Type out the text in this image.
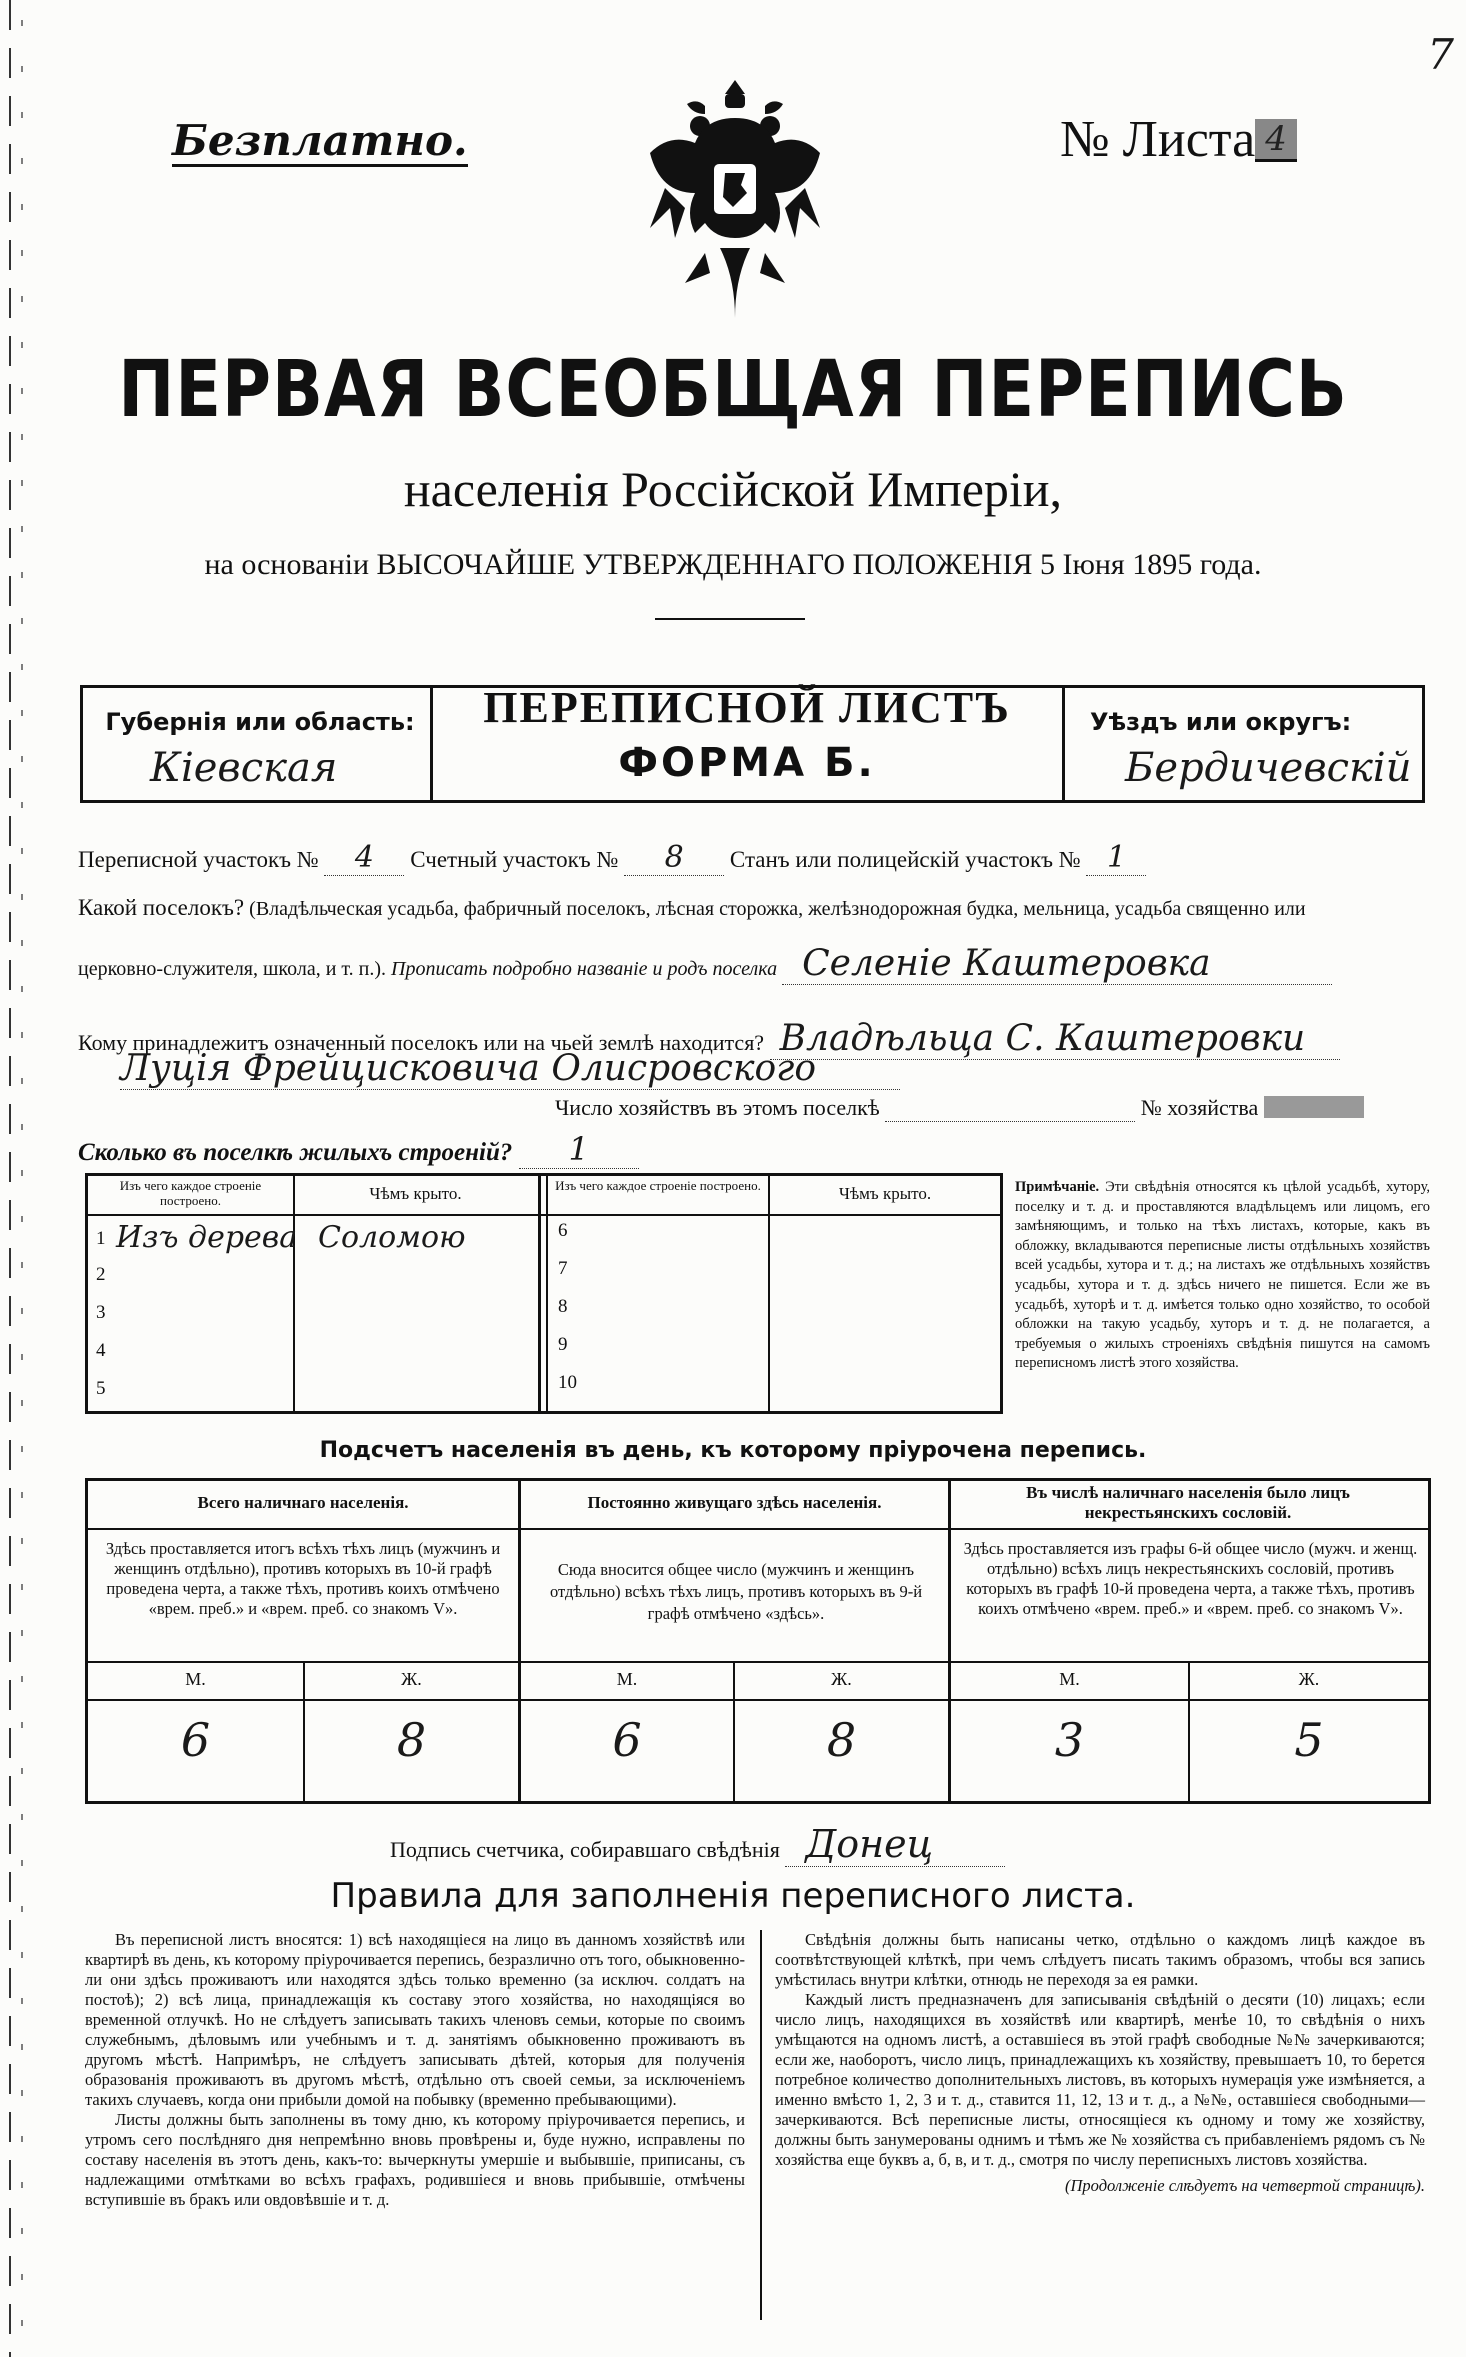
7
Безплатно.	№ Листа 4
ПЕРВАЯ ВСЕОБЩАЯ ПЕРЕПИСЬ
населенія Россійской Имперіи,
на основаніи ВЫСОЧАЙШЕ УТВЕРЖДЕННАГО ПОЛОЖЕНІЯ 5 Іюня 1895 года.
Губернія или область:
Кіевская
ПЕРЕПИСНОЙ ЛИСТЪ
ФОРМА Б.
Уѣздъ или округъ:
Бердичевскій
Переписной участокъ № 4 Счетный участокъ № 8 Станъ или полицейскій участокъ № 1
Какой поселокъ? (Владѣльческая усадьба, фабричный поселокъ, лѣсная сторожка, желѣзнодорожная будка, мельница, усадьба священно или
церковно-служителя, школа, и т. п.). Прописать подробно названіе и родъ поселка Селеніе Каштеровка
Кому принадлежитъ означенный поселокъ или на чьей землѣ находится? Владѣльца С. Каштеровки
Луція Фрейцисковича Олисровского
Число хозяйствъ въ этомъ поселкѣ	№ хозяйства
Сколько въ поселкѣ жилыхъ строеній? 1
Изъ чего каждое строеніе построено.	Чѣмъ крыто.	Изъ чего каждое строеніе построено.	Чѣмъ крыто.
1 Изъ дерева Соломою
2
3
4
5
6
7
8
9
10
Примѣчаніе. Эти свѣдѣнія относятся къ цѣлой усадьбѣ, хутору, поселку и т. д. и проставляются владѣльцемъ или лицомъ, его замѣняющимъ, и только на тѣхъ листахъ, которые, какъ въ обложку, вкладываются переписные листы отдѣльныхъ хозяйствъ всей усадьбы, хутора и т. д.; на листахъ же отдѣльныхъ хозяйствъ усадьбы, хутора и т. д. здѣсь ничего не пишется. Если же въ усадьбѣ, хуторѣ и т. д. имѣется только одно хозяйство, то особой обложки на такую усадьбу, хуторъ и т. д. не полагается, а требуемыя о жилыхъ строеніяхъ свѣдѣнія пишутся на самомъ переписномъ листѣ этого хозяйства.
Подсчетъ населенія въ день, къ которому пріурочена перепись.
Всего наличнаго населенія.	Постоянно живущаго здѣсь населенія.
Въ числѣ наличнаго населенія было лицъ некрестьянскихъ сословій.
Здѣсь проставляется итогъ всѣхъ тѣхъ лицъ (мужчинъ и женщинъ отдѣльно), противъ которыхъ въ 10-й графѣ проведена черта, а также тѣхъ, противъ коихъ отмѣчено «врем. преб.» и «врем. преб. со знакомъ V».
Сюда вносится общее число (мужчинъ и женщинъ отдѣльно) всѣхъ тѣхъ лицъ, противъ которыхъ въ 9-й графѣ отмѣчено «здѣсь».
Здѣсь проставляется изъ графы 6-й общее число (мужч. и женщ. отдѣльно) всѣхъ лицъ некрестьянскихъ сословій, противъ которыхъ въ графѣ 10-й проведена черта, а также тѣхъ, противъ коихъ отмѣчено «врем. преб.» и «врем. преб. со знакомъ V».
М.	Ж.	М.	Ж.	М.	Ж.
6	8	6	8	3	5
Подпись счетчика, собиравшаго свѣдѣнія Донец
Правила для заполненія переписного листа.

Въ переписной листъ вносятся: 1) всѣ находящіеся на лицо въ данномъ хозяйствѣ или квартирѣ въ день, къ которому пріурочивается перепись, безразлично отъ того, обыкновенно-ли они здѣсь проживаютъ или находятся здѣсь только временно (за исключ. солдатъ на постоѣ); 2) всѣ лица, принадлежащія къ составу этого хозяйства, но находящіяся во временной отлучкѣ. Но не слѣдуетъ записывать такихъ членовъ семьи, которые по своимъ служебнымъ, дѣловымъ или учебнымъ и т. д. занятіямъ обыкновенно проживаютъ въ другомъ мѣстѣ. Напримѣръ, не слѣдуетъ записывать дѣтей, которыя для полученія образованія проживаютъ въ другомъ мѣстѣ, отдѣльно отъ своей семьи, за исключеніемъ такихъ случаевъ, когда они прибыли домой на побывку (временно пребывающими).

Листы должны быть заполнены въ тому дню, къ которому пріурочивается перепись, и утромъ сего послѣдняго дня непремѣнно вновь провѣрены и, буде нужно, исправлены по составу населенія въ этотъ день, какъ-то: вычеркнуты умершіе и выбывшіе, приписаны, съ надлежащими отмѣтками во всѣхъ графахъ, родившіеся и вновь прибывшіе, отмѣчены вступившіе въ бракъ или овдовѣвшіе и т. д.

Свѣдѣнія должны быть написаны четко, отдѣльно о каждомъ лицѣ каждое въ соотвѣтствующей клѣткѣ, при чемъ слѣдуетъ писать такимъ образомъ, чтобы вся запись умѣстилась внутри клѣтки, отнюдь не переходя за ея рамки.

Каждый листъ предназначенъ для записыванія свѣдѣній о десяти (10) лицахъ; если число лицъ, находящихся въ хозяйствѣ или квартирѣ, менѣе 10, то свѣдѣнія о нихъ умѣщаются на одномъ листѣ, а оставшіеся въ этой графѣ свободные №№ зачеркиваются; если же, наоборотъ, число лицъ, принадлежащихъ къ хозяйству, превышаетъ 10, то берется потребное количество дополнительныхъ листовъ, въ которыхъ нумерація уже измѣняется, а именно вмѣсто 1, 2, 3 и т. д., ставится 11, 12, 13 и т. д., а №№, оставшіеся свободными—зачеркиваются. Всѣ переписные листы, относящіеся къ одному и тому же хозяйству, должны быть занумерованы однимъ и тѣмъ же № хозяйства съ прибавленіемъ рядомъ съ № хозяйства еще буквъ а, б, в, и т. д., смотря по числу переписныхъ листовъ хозяйства.

(Продолженіе слѣдуетъ на четвертой страницѣ).
